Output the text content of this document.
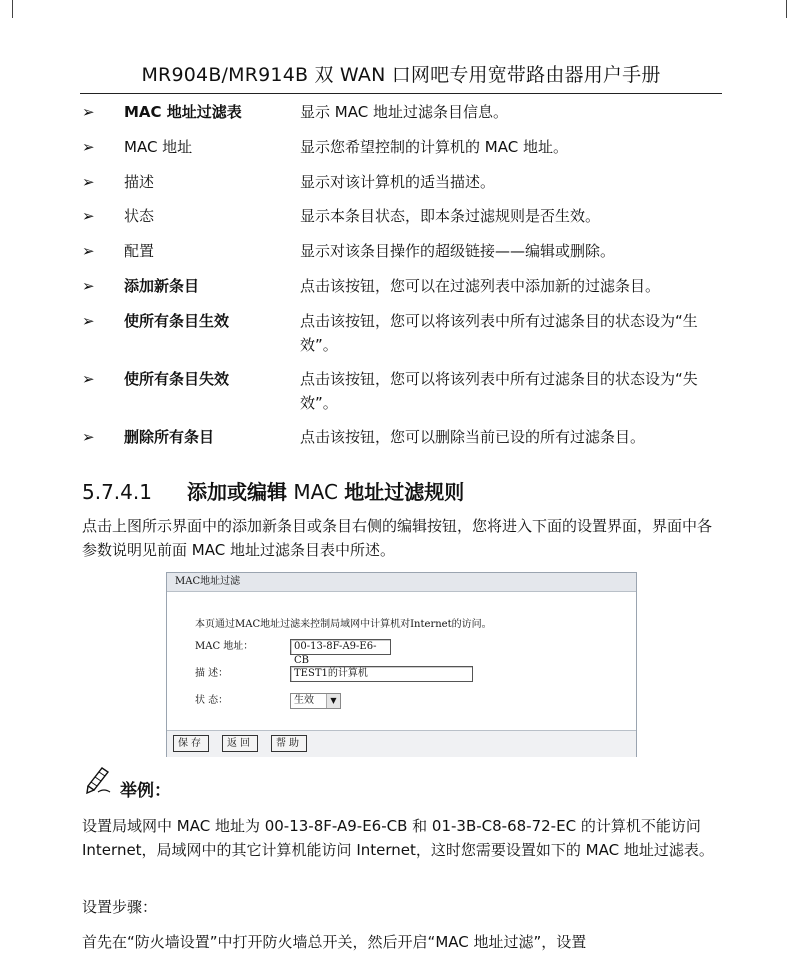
MR904B/MR914B 双 WAN 口网吧专用宽带路由器用户手册
➢	MAC 地址过滤表	显示 MAC 地址过滤条目信息。
➢	MAC 地址	显示您希望控制的计算机的 MAC 地址。
➢	描述	显示对该计算机的适当描述。
➢	状态	显示本条目状态，即本条过滤规则是否生效。
➢	配置	显示对该条目操作的超级链接——编辑或删除。
➢	添加新条目	点击该按钮，您可以在过滤列表中添加新的过滤条目。
➢	使所有条目生效	点击该按钮，您可以将该列表中所有过滤条目的状态设为“生效”。
➢	使所有条目失效	点击该按钮，您可以将该列表中所有过滤条目的状态设为“失效”。
➢	删除所有条目	点击该按钮，您可以删除当前已设的所有过滤条目。
5.7.4.1 添加或编辑 MAC 地址过滤规则
点击上图所示界面中的添加新条目或条目右侧的编辑按钮，您将进入下面的设置界面，界面中各参数说明见前面 MAC 地址过滤条目表中所述。
MAC地址过滤
本页通过MAC地址过滤来控制局域网中计算机对Internet的访问。
MAC 地址：	00-13-8F-A9-E6-CB
描 述：	TEST1的计算机
状 态：	生效	▼
保存	返回	帮助
举例：
设置局域网中 MAC 地址为 00-13-8F-A9-E6-CB 和 01-3B-C8-68-72-EC 的计算机不能访问 Internet，局域网中的其它计算机能访问 Internet，这时您需要设置如下的 MAC 地址过滤表。
设置步骤：
首先在“防火墙设置”中打开防火墙总开关，然后开启“MAC 地址过滤”，设置
